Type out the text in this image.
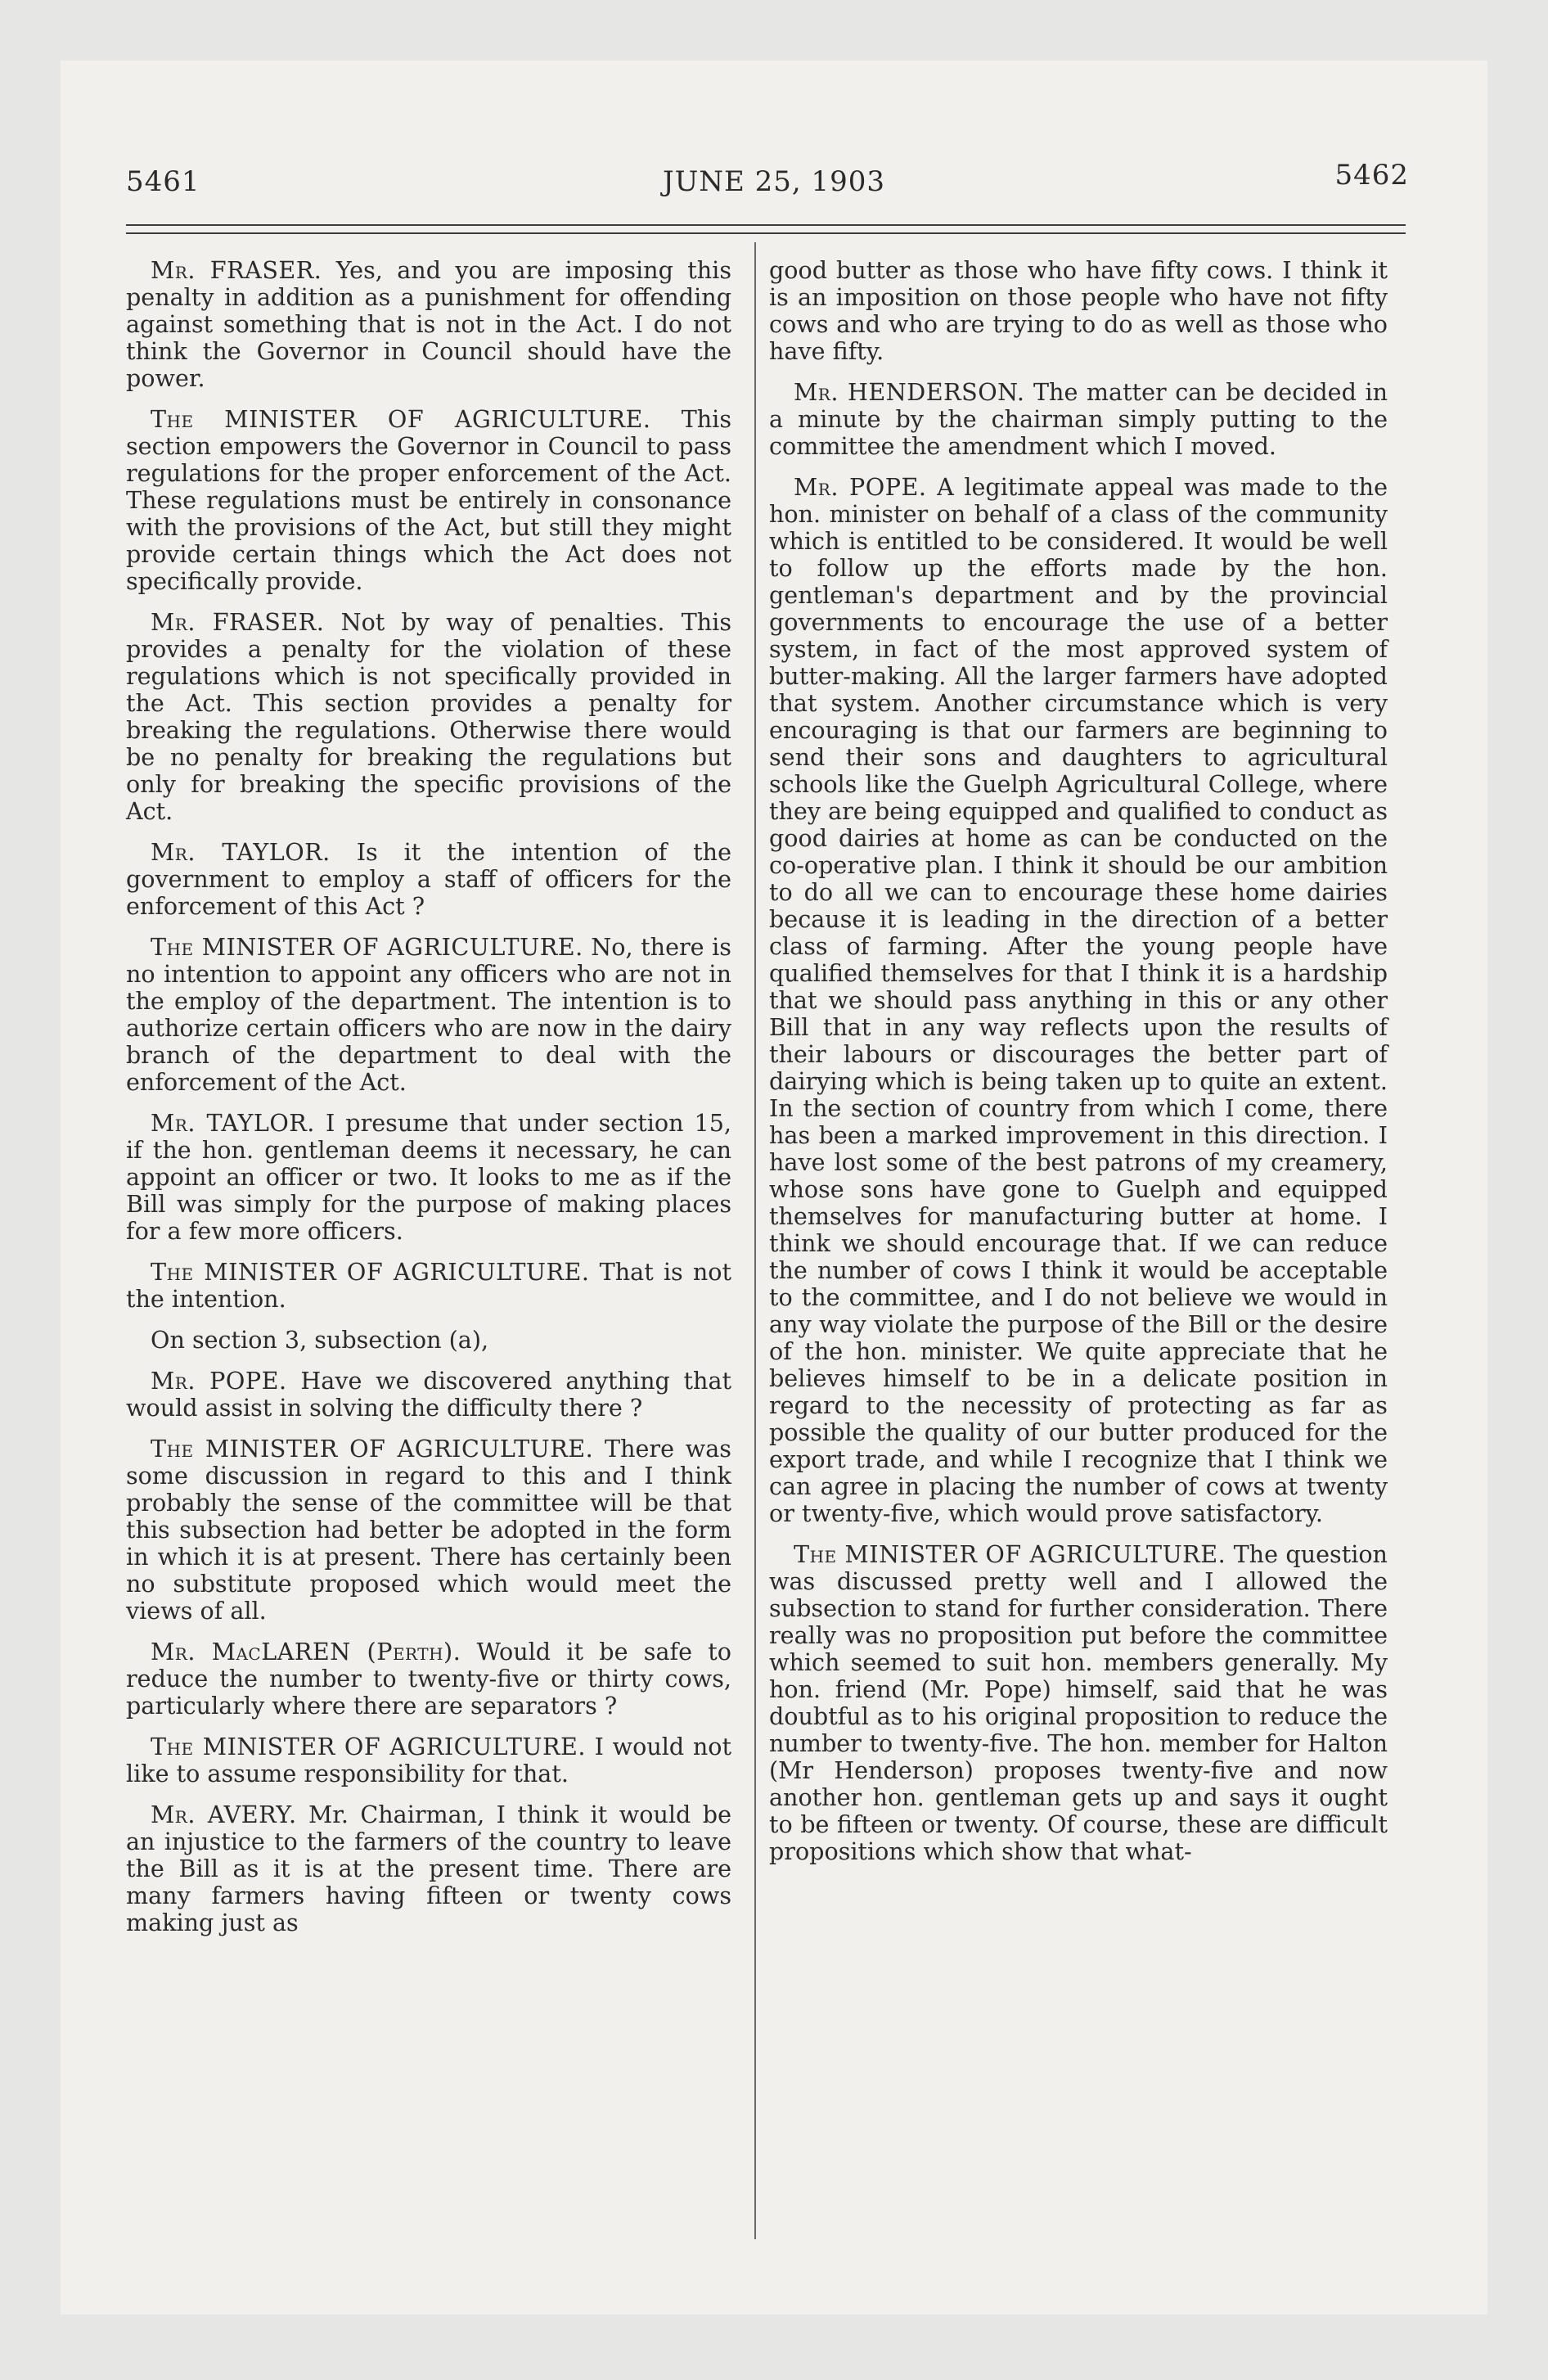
5461	JUNE 25, 1903	5462

Mr. FRASER. Yes, and you are imposing this penalty in addition as a punishment for offending against something that is not in the Act. I do not think the Governor in Council should have the power.

The MINISTER OF AGRICULTURE. This section empowers the Governor in Council to pass regulations for the proper enforcement of the Act. These regulations must be entirely in consonance with the provisions of the Act, but still they might provide certain things which the Act does not specifically provide.

Mr. FRASER. Not by way of penalties. This provides a penalty for the violation of these regulations which is not specifically provided in the Act. This section provides a penalty for breaking the regulations. Otherwise there would be no penalty for breaking the regulations but only for breaking the specific provisions of the Act.

Mr. TAYLOR. Is it the intention of the government to employ a staff of officers for the enforcement of this Act ?

The MINISTER OF AGRICULTURE. No, there is no intention to appoint any officers who are not in the employ of the department. The intention is to authorize certain officers who are now in the dairy branch of the department to deal with the enforcement of the Act.

Mr. TAYLOR. I presume that under section 15, if the hon. gentleman deems it necessary, he can appoint an officer or two. It looks to me as if the Bill was simply for the purpose of making places for a few more officers.

The MINISTER OF AGRICULTURE. That is not the intention.

On section 3, subsection (a),

Mr. POPE. Have we discovered anything that would assist in solving the difficulty there ?

The MINISTER OF AGRICULTURE. There was some discussion in regard to this and I think probably the sense of the committee will be that this subsection had better be adopted in the form in which it is at present. There has certainly been no substitute proposed which would meet the views of all.

Mr. MacLAREN (Perth). Would it be safe to reduce the number to twenty-five or thirty cows, particularly where there are separators ?

The MINISTER OF AGRICULTURE. I would not like to assume responsibility for that.

Mr. AVERY. Mr. Chairman, I think it would be an injustice to the farmers of the country to leave the Bill as it is at the present time. There are many farmers having fifteen or twenty cows making just as

good butter as those who have fifty cows. I think it is an imposition on those people who have not fifty cows and who are trying to do as well as those who have fifty.

Mr. HENDERSON. The matter can be decided in a minute by the chairman simply putting to the committee the amendment which I moved.

Mr. POPE. A legitimate appeal was made to the hon. minister on behalf of a class of the community which is entitled to be considered. It would be well to follow up the efforts made by the hon. gentleman's department and by the provincial governments to encourage the use of a better system, in fact of the most approved system of butter-making. All the larger farmers have adopted that system. Another circumstance which is very encouraging is that our farmers are beginning to send their sons and daughters to agricultural schools like the Guelph Agricultural College, where they are being equipped and qualified to conduct as good dairies at home as can be conducted on the co-operative plan. I think it should be our ambition to do all we can to encourage these home dairies because it is leading in the direction of a better class of farming. After the young people have qualified themselves for that I think it is a hardship that we should pass anything in this or any other Bill that in any way reflects upon the results of their labours or discourages the better part of dairying which is being taken up to quite an extent. In the section of country from which I come, there has been a marked improvement in this direction. I have lost some of the best patrons of my creamery, whose sons have gone to Guelph and equipped themselves for manufacturing butter at home. I think we should encourage that. If we can reduce the number of cows I think it would be acceptable to the committee, and I do not believe we would in any way violate the purpose of the Bill or the desire of the hon. minister. We quite appreciate that he believes himself to be in a delicate position in regard to the necessity of protecting as far as possible the quality of our butter produced for the export trade, and while I recognize that I think we can agree in placing the number of cows at twenty or twenty-five, which would prove satisfactory.

The MINISTER OF AGRICULTURE. The question was discussed pretty well and I allowed the subsection to stand for further consideration. There really was no proposition put before the committee which seemed to suit hon. members generally. My hon. friend (Mr. Pope) himself, said that he was doubtful as to his original proposition to reduce the number to twenty-five. The hon. member for Halton (Mr Henderson) proposes twenty-five and now another hon. gentleman gets up and says it ought to be fifteen or twenty. Of course, these are difficult propositions which show that what-
